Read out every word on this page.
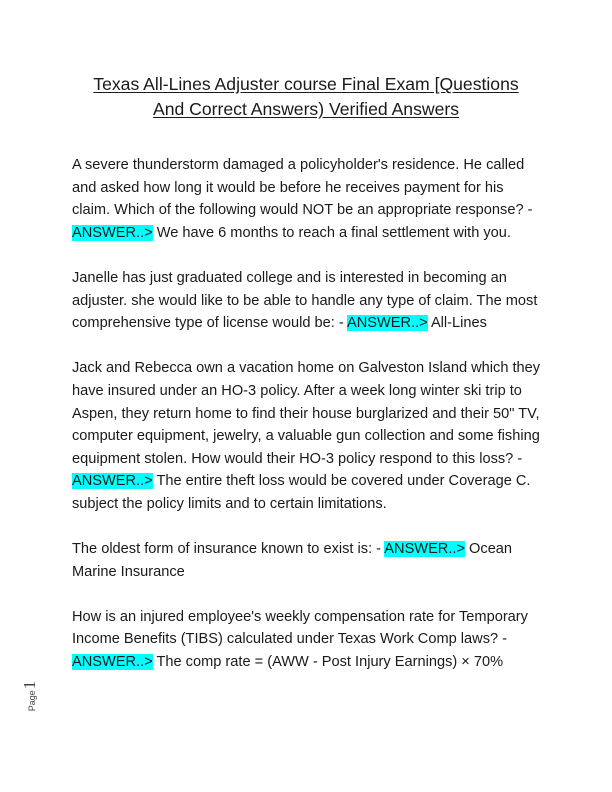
Texas All-Lines Adjuster course Final Exam [Questions
And Correct Answers) Verified Answers

A severe thunderstorm damaged a policyholder's residence. He called and asked how long it would be before he receives payment for his claim. Which of the following would NOT be an appropriate response? - ANSWER..> We have 6 months to reach a final settlement with you.

Janelle has just graduated college and is interested in becoming an adjuster. she would like to be able to handle any type of claim. The most comprehensive type of license would be: - ANSWER..> All-Lines

Jack and Rebecca own a vacation home on Galveston Island which they have insured under an HO-3 policy. After a week long winter ski trip to Aspen, they return home to find their house burglarized and their 50" TV, computer equipment, jewelry, a valuable gun collection and some fishing equipment stolen. How would their HO-3 policy respond to this loss? - ANSWER..> The entire theft loss would be covered under Coverage C. subject the policy limits and to certain limitations.

The oldest form of insurance known to exist is: - ANSWER..> Ocean Marine Insurance

How is an injured employee's weekly compensation rate for Temporary Income Benefits (TIBS) calculated under Texas Work Comp laws? - ANSWER..> The comp rate = (AWW - Post Injury Earnings) × 70%

Page
1
